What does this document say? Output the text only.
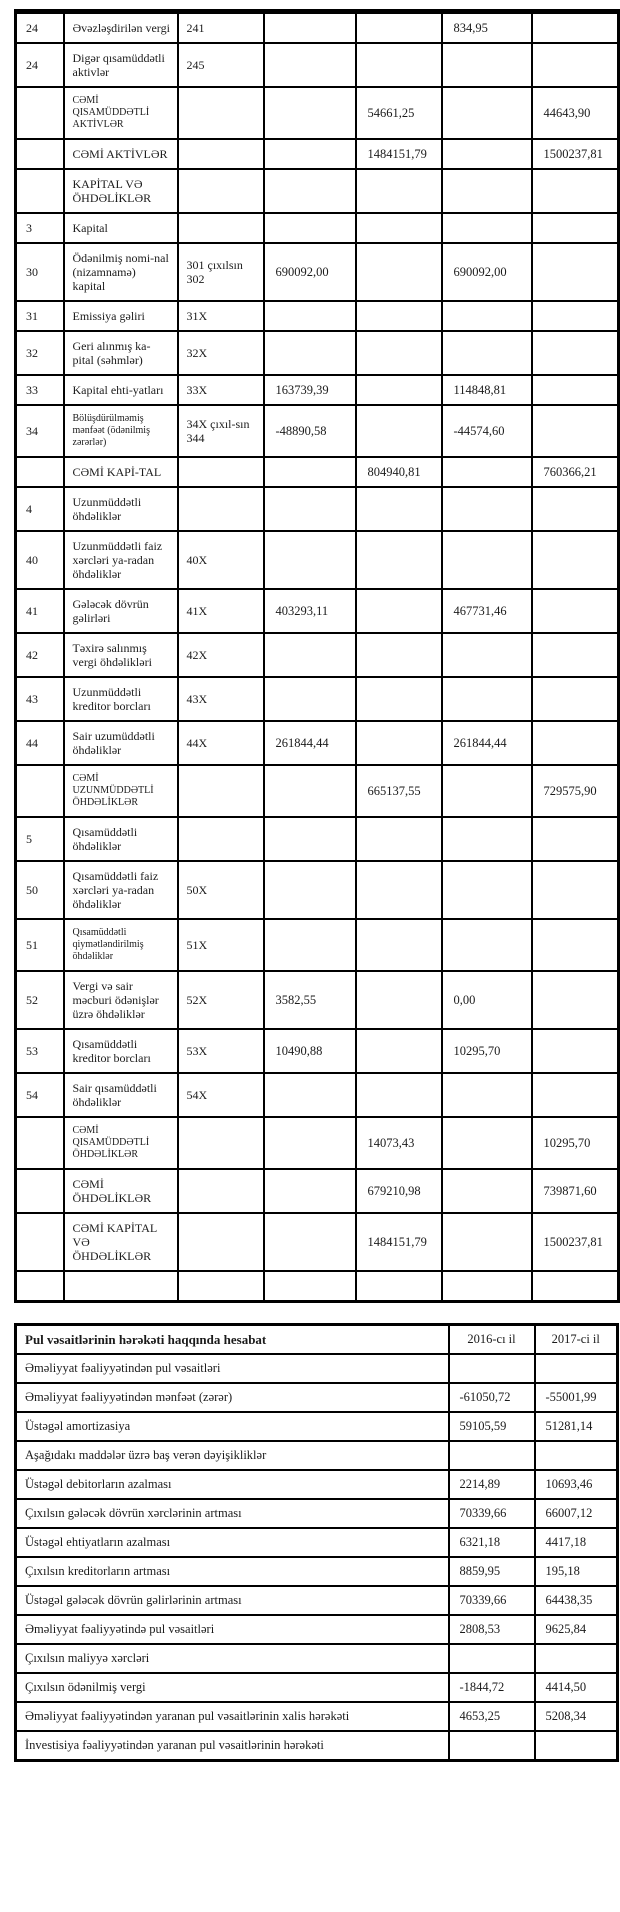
24	Əvəzləşdirilən vergi	241			834,95	
24	Digər qısamüddətli aktivlər	245				
	CƏMİ QISAMÜDDƏTLİ AKTİVLƏR			54661,25		44643,90
	CƏMİ AKTİVLƏR			1484151,79		1500237,81
	KAPİTAL VƏ ÖHDƏLİKLƏR					
3	Kapital					
30	Ödənilmiş nomi-nal (nizamnamə) kapital	301 çıxılsın 302	690092,00		690092,00	
31	Emissiya gəliri	31X				
32	Geri alınmış ka-pital (səhmlər)	32X				
33	Kapital ehti-yatları	33X	163739,39		114848,81	
34	Bölüşdürülməmiş mənfəət (ödənilmiş zərərlər)	34X çıxıl-sın 344	-48890,58		-44574,60	
	CƏMİ KAPİ-TAL			804940,81		760366,21
4	Uzunmüddətli öhdəliklər					
40	Uzunmüddətli faiz xərcləri ya-radan öhdəliklər	40X				
41	Gələcək dövrün gəlirləri	41X	403293,11		467731,46	
42	Təxirə salınmış vergi öhdəlikləri	42X				
43	Uzunmüddətli kreditor borcları	43X				
44	Sair uzumüddətli öhdəliklər	44X	261844,44		261844,44	
	CƏMİ UZUNMÜDDƏTLİ ÖHDƏLİKLƏR			665137,55		729575,90
5	Qısamüddətli öhdəliklər					
50	Qısamüddətli faiz xərcləri ya-radan öhdəliklər	50X				
51	Qısamüddətli qiymətləndirilmiş öhdəliklər	51X				
52	Vergi və sair məcburi ödənişlər üzrə öhdəliklər	52X	3582,55		0,00	
53	Qısamüddətli kreditor borcları	53X	10490,88		10295,70	
54	Sair qısamüddətli öhdəliklər	54X				
	CƏMİ QISAMÜDDƏTLİ ÖHDƏLİKLƏR			14073,43		10295,70
	CƏMİ ÖHDƏLİKLƏR			679210,98		739871,60
	CƏMİ KAPİTAL VƏ ÖHDƏLİKLƏR			1484151,79		1500237,81

Pul vəsaitlərinin hərəkəti haqqında hesabat	2016-cı il	2017-ci il
Əməliyyat fəaliyyətindən pul vəsaitləri		
Əməliyyat fəaliyyətindən mənfəət (zərər)	-61050,72	-55001,99
Üstəgəl amortizasiya	59105,59	51281,14
Aşağıdakı maddələr üzrə baş verən dəyişikliklər		
Üstəgəl debitorların azalması	2214,89	10693,46
Çıxılsın gələcək dövrün xərclərinin artması	70339,66	66007,12
Üstəgəl ehtiyatların azalması	6321,18	4417,18
Çıxılsın kreditorların artması	8859,95	195,18
Üstəgəl gələcək dövrün gəlirlərinin artması	70339,66	64438,35
Əməliyyat fəaliyyətində pul vəsaitləri	2808,53	9625,84
Çıxılsın maliyyə xərcləri		
Çıxılsın ödənilmiş vergi	-1844,72	4414,50
Əməliyyat fəaliyyətindən yaranan pul vəsaitlərinin xalis hərəkəti	4653,25	5208,34
İnvestisiya fəaliyyətindən yaranan pul vəsaitlərinin hərəkəti		
